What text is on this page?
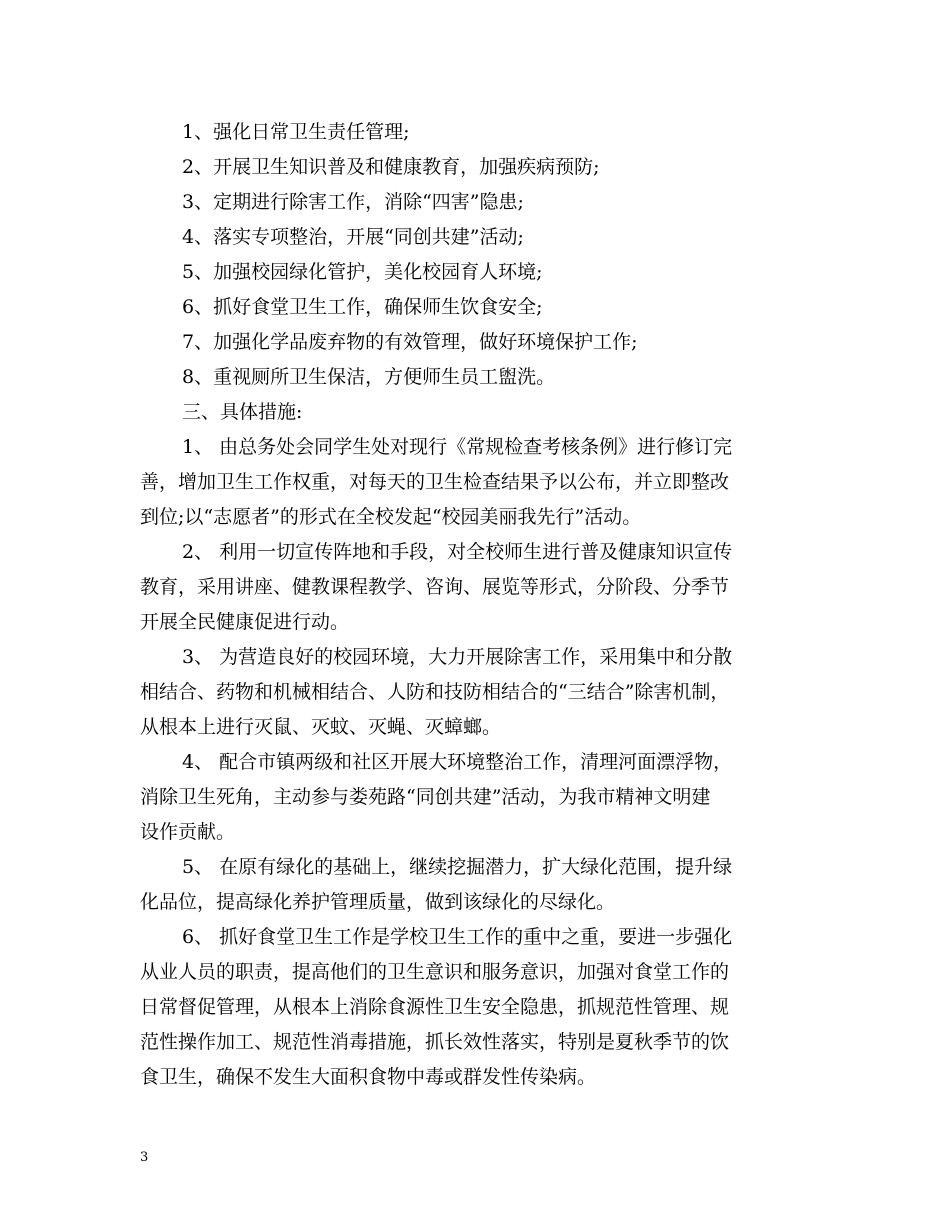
1、强化日常卫生责任管理;
2、开展卫生知识普及和健康教育，加强疾病预防;
3、定期进行除害工作，消除“四害”隐患;
4、落实专项整治，开展“同创共建”活动;
5、加强校园绿化管护，美化校园育人环境;
6、抓好食堂卫生工作，确保师生饮食安全;
7、加强化学品废弃物的有效管理，做好环境保护工作;
8、重视厕所卫生保洁，方便师生员工盥洗。
三、具体措施:
1、 由总务处会同学生处对现行《常规检查考核条例》进行修订完
善，增加卫生工作权重，对每天的卫生检查结果予以公布，并立即整改
到位;以“志愿者”的形式在全校发起“校园美丽我先行”活动。
2、 利用一切宣传阵地和手段，对全校师生进行普及健康知识宣传
教育，采用讲座、健教课程教学、咨询、展览等形式，分阶段、分季节
开展全民健康促进行动。
3、 为营造良好的校园环境，大力开展除害工作，采用集中和分散
相结合、药物和机械相结合、人防和技防相结合的“三结合”除害机制，
从根本上进行灭鼠、灭蚊、灭蝇、灭蟑螂。
4、 配合市镇两级和社区开展大环境整治工作，清理河面漂浮物，
消除卫生死角，主动参与娄苑路“同创共建”活动，为我市精神文明建
设作贡献。
5、 在原有绿化的基础上，继续挖掘潜力，扩大绿化范围，提升绿
化品位，提高绿化养护管理质量，做到该绿化的尽绿化。
6、 抓好食堂卫生工作是学校卫生工作的重中之重，要进一步强化
从业人员的职责，提高他们的卫生意识和服务意识，加强对食堂工作的
日常督促管理，从根本上消除食源性卫生安全隐患，抓规范性管理、规
范性操作加工、规范性消毒措施，抓长效性落实，特别是夏秋季节的饮
食卫生，确保不发生大面积食物中毒或群发性传染病。
3
